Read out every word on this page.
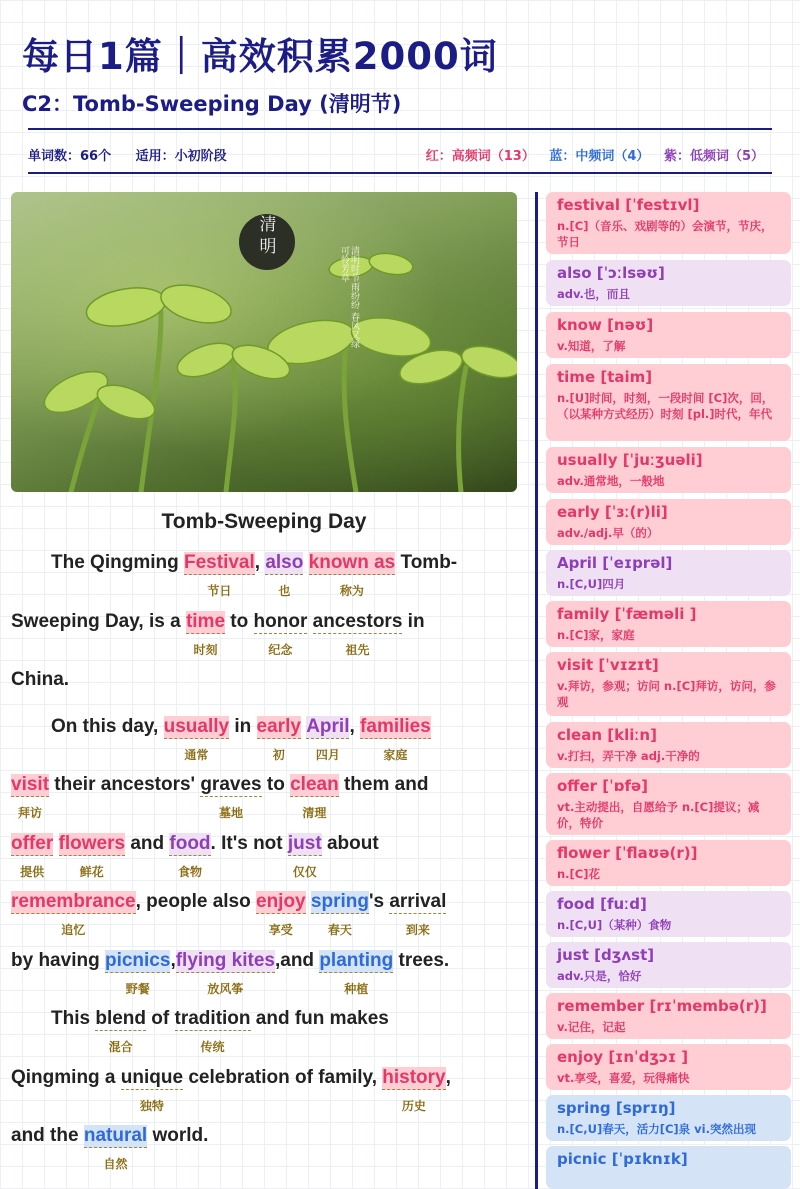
每日1篇｜高效积累2000词
C2：Tomb-Sweeping Day (清明节)
单词数：66个 适用：小初阶段	红：高频词（13） 蓝：中频词（4） 紫：低频词（5）
清
明	清明时节雨纷纷 春风又绿 可怜芳草
Tomb-Sweeping Day
The Qingming Festival
节日
, also
也
known as
称为
Tomb-
Sweeping Day, is a time
时刻
to honor
纪念
ancestors
祖先
in
China.
On this day, usually
通常
in early
初
April
四月
, families
家庭
visit
拜访
their ancestors' graves
墓地
to clean
清理
them and
offer
提供
flowers
鲜花
and food
食物
. It's not just
仅仅
about
remembrance
追忆
, people also enjoy
享受
spring
春天
's arrival
到来
by having picnics
野餐
,flying kites
放风筝
,and planting
种植
trees.
This blend
混合
of tradition
传统
and fun makes
Qingming a unique
独特
celebration of family, history
历史
,
and the natural
自然
world.
festival [ˈfestɪvl]
n.[C]（音乐、戏剧等的）会演节，节庆，节日
also [ˈɔːlsəʊ]
adv.也，而且
know [nəʊ]
v.知道，了解
time [taim]
n.[U]时间，时刻，一段时间 [C]次，回，（以某种方式经历）时刻 [pl.]时代，年代
usually [ˈjuːʒuəli]
adv.通常地，一般地
early [ˈɜː(r)li]
adv./adj.早（的）
April [ˈeɪprəl]
n.[C,U]四月
family [ˈfæməli ]
n.[C]家，家庭
visit [ˈvɪzɪt]
v.拜访，参观；访问 n.[C]拜访，访问，参观
clean [kliːn]
v.打扫，弄干净 adj.干净的
offer [ˈɒfə]
vt.主动提出，自愿给予 n.[C]提议；减价，特价
flower [ˈflaʊə(r)]
n.[C]花
food [fuːd]
n.[C,U]（某种）食物
just [dʒʌst]
adv.只是，恰好
remember [rɪˈmembə(r)]
v.记住，记起
enjoy [ɪnˈdʒɔɪ ]
vt.享受，喜爱，玩得痛快
spring [sprɪŋ]
n.[C,U]春天，活力[C]泉 vi.突然出现
picnic [ˈpɪknɪk]
